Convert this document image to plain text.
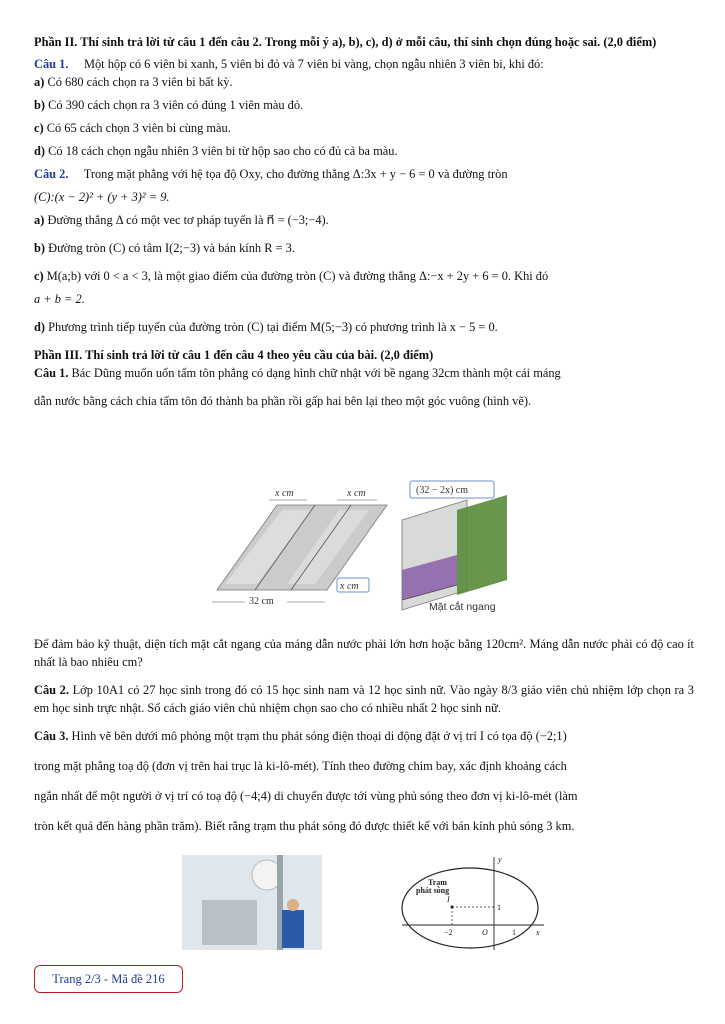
Phần II. Thí sinh trả lời từ câu 1 đến câu 2. Trong mỗi ý a), b), c), d) ở mỗi câu, thí sinh chọn đúng hoặc sai. (2,0 điểm)

Câu 1. Một hộp có 6 viên bi xanh, 5 viên bi đỏ và 7 viên bi vàng, chọn ngẫu nhiên 3 viên bi, khi đó:

a) Có 680 cách chọn ra 3 viên bi bất kỳ.

b) Có 390 cách chọn ra 3 viên có đúng 1 viên màu đỏ.

c) Có 65 cách chọn 3 viên bi cùng màu.

d) Có 18 cách chọn ngẫu nhiên 3 viên bi từ hộp sao cho có đủ cả ba màu.

Câu 2. Trong mặt phẳng với hệ tọa độ Oxy, cho đường thẳng Δ:3x + y − 6 = 0 và đường tròn

(C):(x − 2)² + (y + 3)² = 9.

a) Đường thẳng Δ có một vec tơ pháp tuyến là n⃗ = (−3;−4).

b) Đường tròn (C) có tâm I(2;−3) và bán kính R = 3.

c) M(a;b) với 0 < a < 3, là một giao điểm của đường tròn (C) và đường thẳng Δ:−x + 2y + 6 = 0. Khi đó

a + b = 2.

d) Phương trình tiếp tuyến của đường tròn (C) tại điểm M(5;−3) có phương trình là x − 5 = 0.

Phần III. Thí sinh trả lời từ câu 1 đến câu 4 theo yêu cầu của bài. (2,0 điểm)

Câu 1. Bác Dũng muốn uốn tấm tôn phẳng có dạng hình chữ nhật với bề ngang 32cm thành một cái máng

dẫn nước bằng cách chia tấm tôn đó thành ba phần rồi gấp hai bên lại theo một góc vuông (hình vẽ).

x cm	x cm
32 cm
(32 − 2x) cm
x cm
Mặt cắt ngang

Để đảm bảo kỹ thuật, diện tích mặt cắt ngang của máng dẫn nước phải lớn hơn hoặc bằng 120cm². Máng dẫn nước phải có độ cao ít nhất là bao nhiêu cm?

Câu 2. Lớp 10A1 có 27 học sinh trong đó có 15 học sinh nam và 12 học sinh nữ. Vào ngày 8/3 giáo viên chủ nhiệm lớp chọn ra 3 em học sinh trực nhật. Số cách giáo viên chủ nhiệm chọn sao cho có nhiều nhất 2 học sinh nữ.

Câu 3. Hình vẽ bên dưới mô phỏng một trạm thu phát sóng điện thoại di động đặt ở vị trí I có tọa độ (−2;1)

trong mặt phẳng toạ độ (đơn vị trên hai trục là ki-lô-mét). Tính theo đường chim bay, xác định khoảng cách

ngắn nhất để một người ở vị trí có toạ độ (−4;4) di chuyển được tới vùng phủ sóng theo đơn vị ki-lô-mét (làm

tròn kết quả đến hàng phần trăm). Biết rằng trạm thu phát sóng đó được thiết kế với bán kính phủ sóng 3 km.

Trạm
phát sóng
I
y
x
1
−2	O	1
Trang 2/3 - Mã đề 216
